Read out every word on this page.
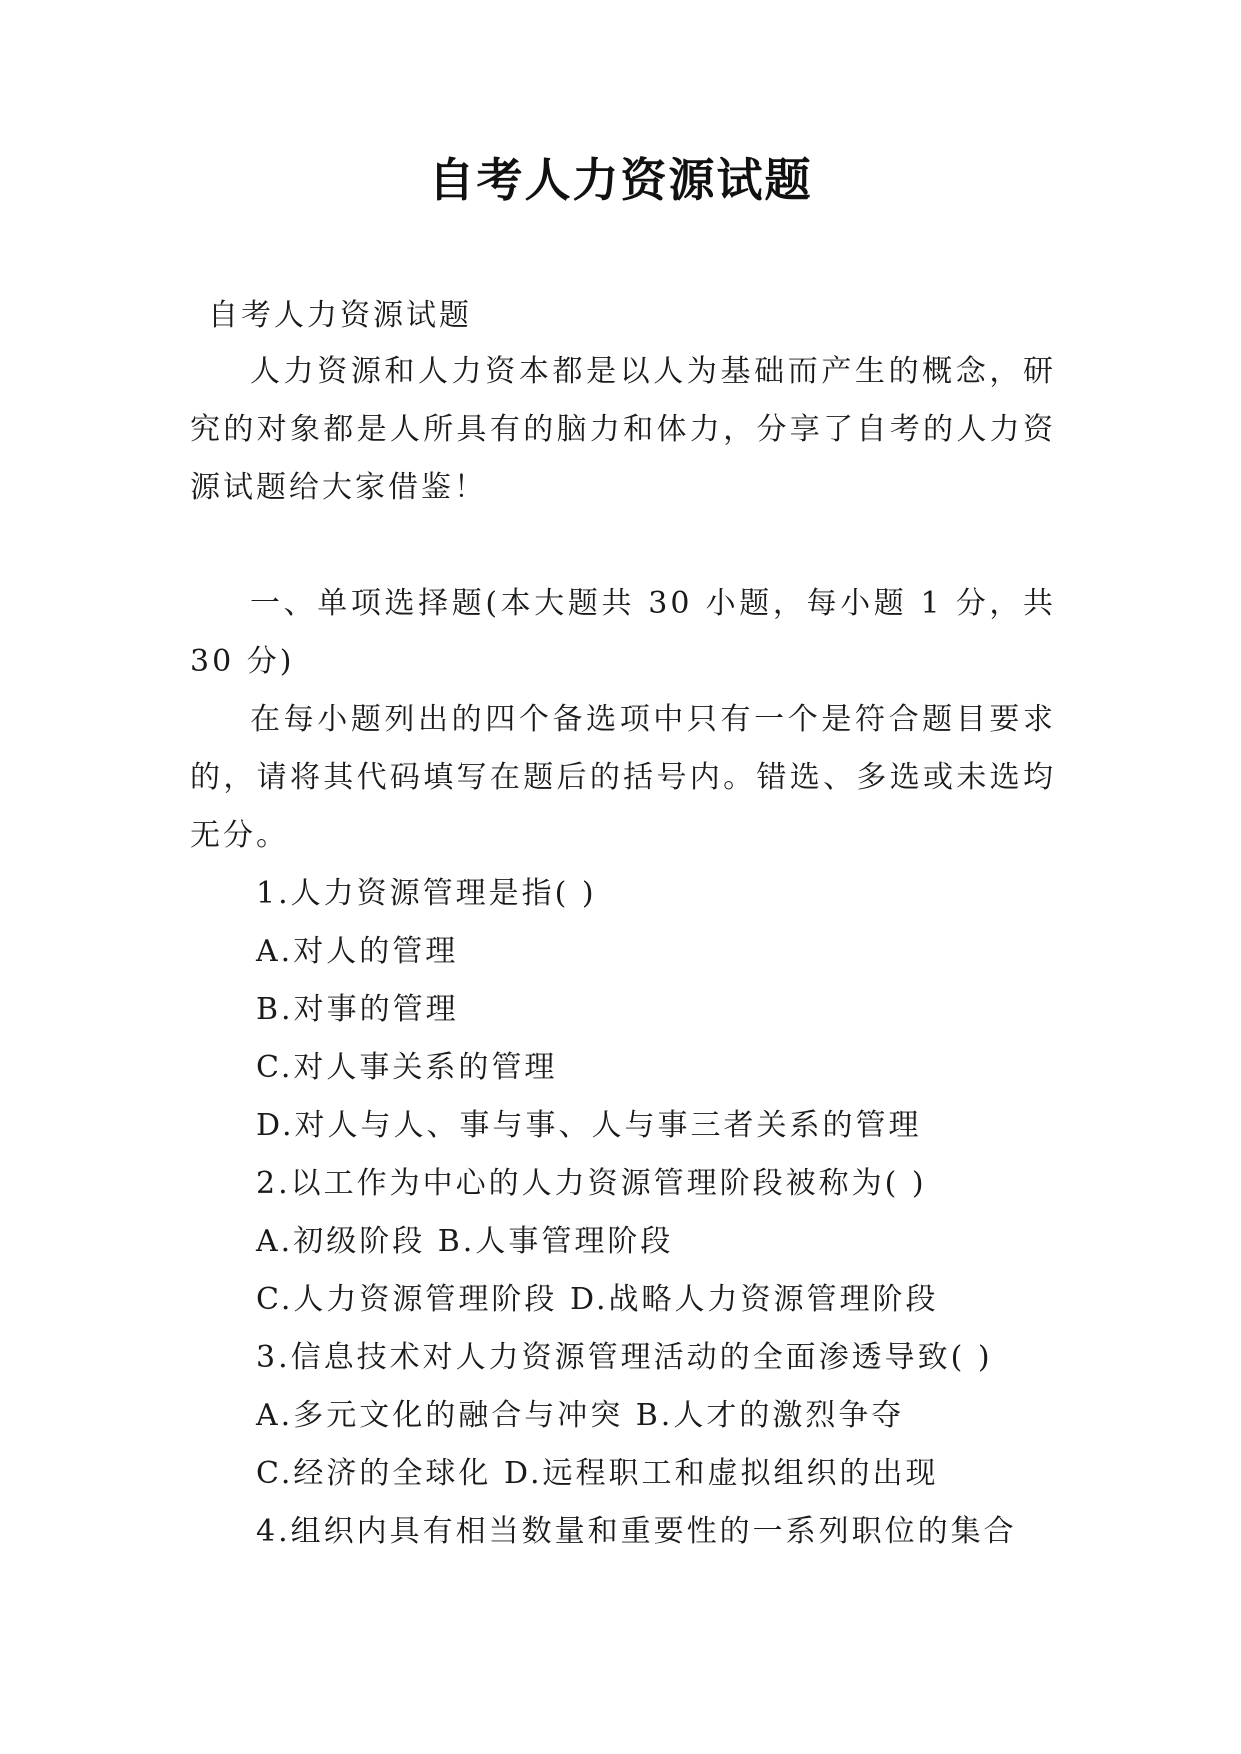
自考人力资源试题
自考人力资源试题

人力资源和人力资本都是以人为基础而产生的概念，研究的对象都是人所具有的脑力和体力，分享了自考的人力资源试题给大家借鉴！

一、单项选择题(本大题共 30 小题，每小题 1 分，共 30 分)

在每小题列出的四个备选项中只有一个是符合题目要求的，请将其代码填写在题后的括号内。错选、多选或未选均无分。

1.人力资源管理是指( )

A.对人的管理

B.对事的管理

C.对人事关系的管理

D.对人与人、事与事、人与事三者关系的管理

2.以工作为中心的人力资源管理阶段被称为( )

A.初级阶段 B.人事管理阶段

C.人力资源管理阶段 D.战略人力资源管理阶段

3.信息技术对人力资源管理活动的全面渗透导致( )

A.多元文化的融合与冲突 B.人才的激烈争夺

C.经济的全球化 D.远程职工和虚拟组织的出现

4.组织内具有相当数量和重要性的一系列职位的集合
